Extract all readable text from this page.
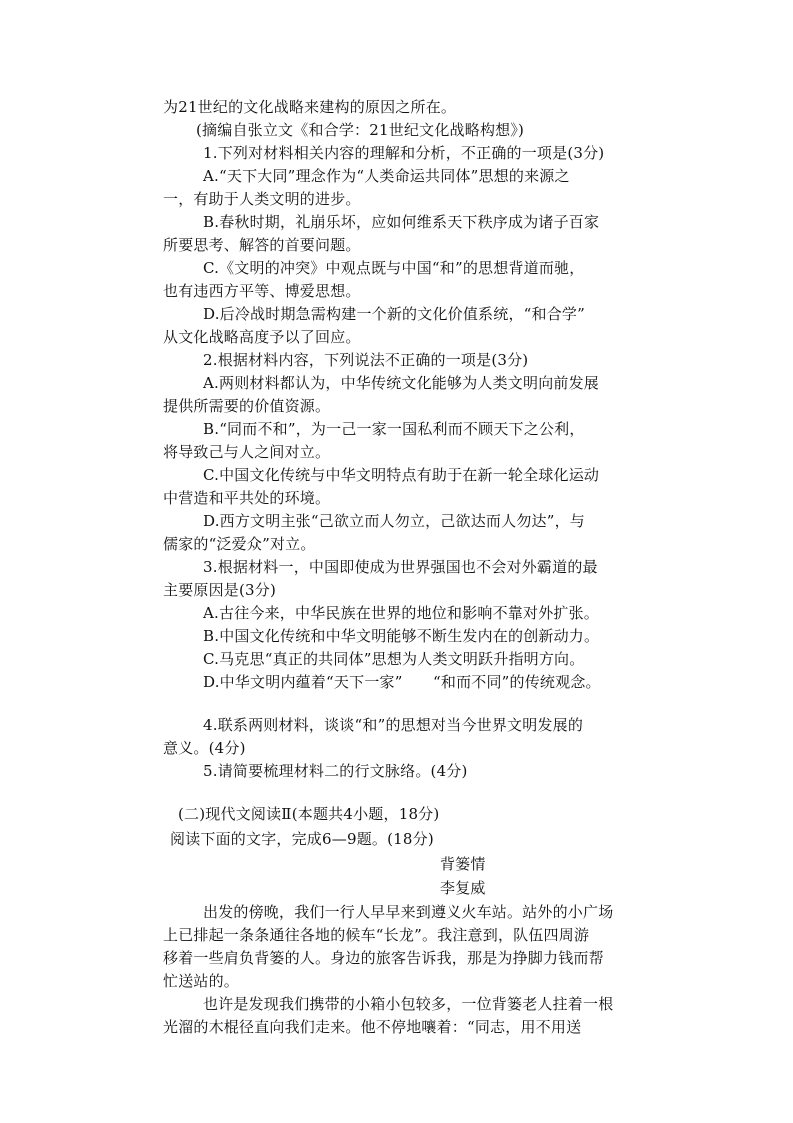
为21世纪的文化战略来建构的原因之所在。
(摘编自张立文《和合学：21世纪文化战略构想》)
1.下列对材料相关内容的理解和分析，不正确的一项是(3分)
A.“天下大同”理念作为“人类命运共同体”思想的来源之
一，有助于人类文明的进步。
B.春秋时期，礼崩乐坏，应如何维系天下秩序成为诸子百家
所要思考、解答的首要问题。
C.《文明的冲突》中观点既与中国“和”的思想背道而驰，
也有违西方平等、博爱思想。
D.后冷战时期急需构建一个新的文化价值系统，“和合学”
从文化战略高度予以了回应。
2.根据材料内容，下列说法不正确的一项是(3分)
A.两则材料都认为，中华传统文化能够为人类文明向前发展
提供所需要的价值资源。
B.“同而不和”，为一己一家一国私利而不顾天下之公利，
将导致己与人之间对立。
C.中国文化传统与中华文明特点有助于在新一轮全球化运动
中营造和平共处的环境。
D.西方文明主张“己欲立而人勿立，己欲达而人勿达”，与
儒家的“泛爱众”对立。
3.根据材料一，中国即使成为世界强国也不会对外霸道的最
主要原因是(3分)
A.古往今来，中华民族在世界的地位和影响不靠对外扩张。
B.中国文化传统和中华文明能够不断生发内在的创新动力。
C.马克思“真正的共同体”思想为人类文明跃升指明方向。
D.中华文明内蕴着“天下一家”　　“和而不同”的传统观念。
4.联系两则材料，谈谈“和”的思想对当今世界文明发展的
意义。(4分)
5.请简要梳理材料二的行文脉络。(4分)
(二)现代文阅读Ⅱ(本题共4小题，18分)
阅读下面的文字，完成6—9题。(18分)
背篓情
李复威
出发的傍晚，我们一行人早早来到遵义火车站。站外的小广场
上已排起一条条通往各地的候车“长龙”。我注意到，队伍四周游
移着一些肩负背篓的人。身边的旅客告诉我，那是为挣脚力钱而帮
忙送站的。
也许是发现我们携带的小箱小包较多，一位背篓老人拄着一根
光溜的木棍径直向我们走来。他不停地嚷着：“同志，用不用送
